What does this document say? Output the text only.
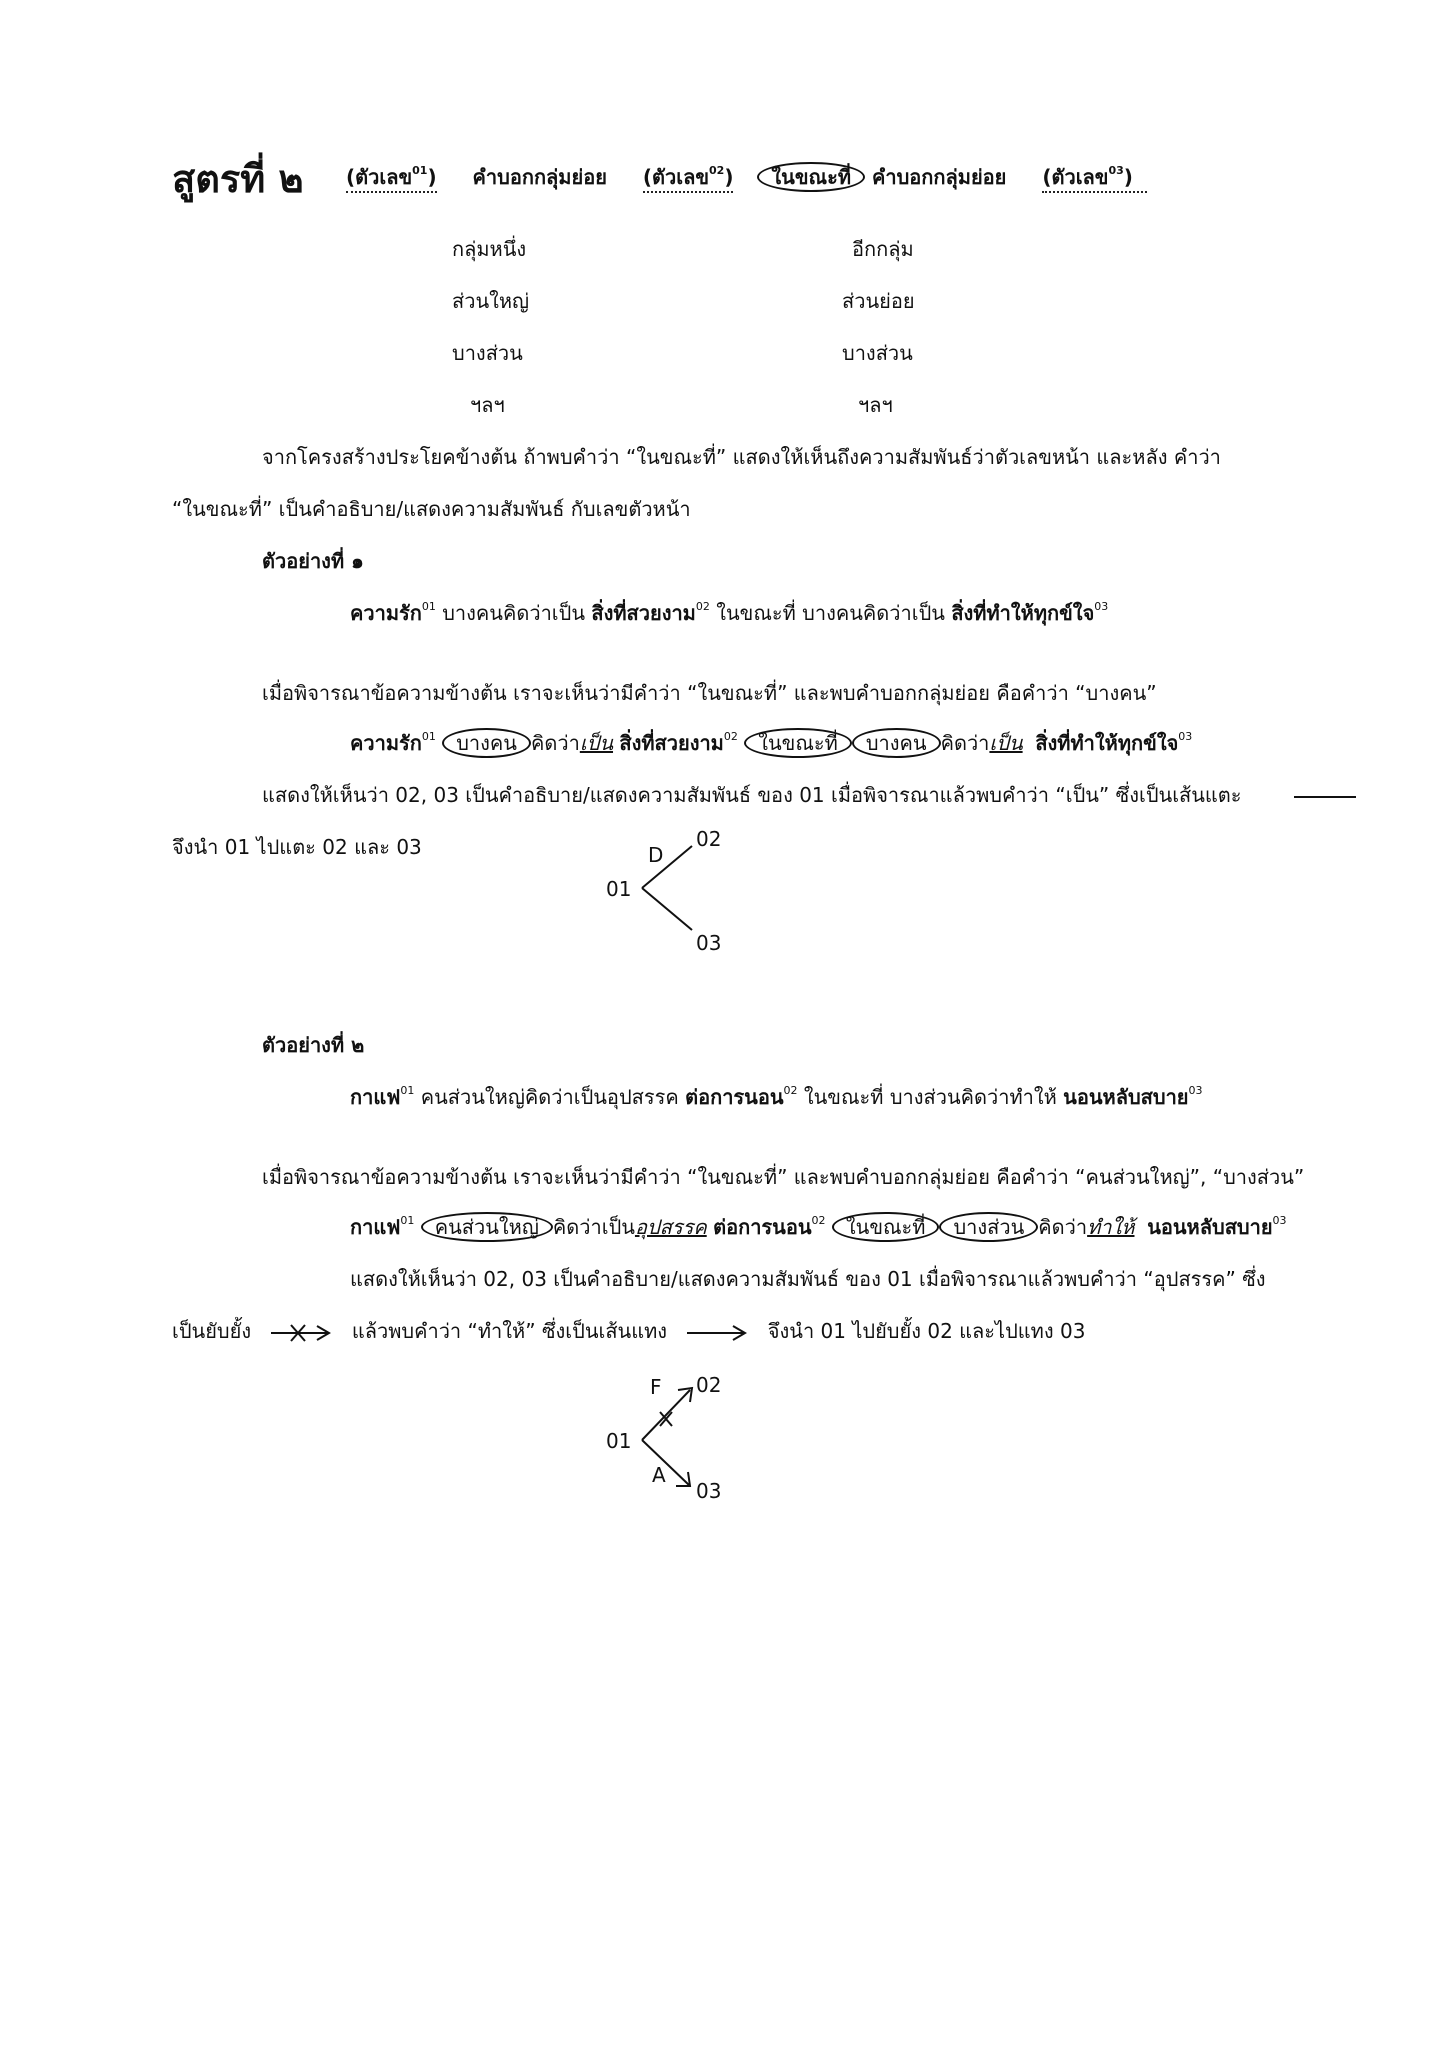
สูตรที่ ๒ (ตัวเลข$^{01}$) คำบอกกลุ่มย่อย (ตัวเลข$^{02}$) ในขณะที่ คำบอกกลุ่มย่อย (ตัวเลข$^{03}$)
กลุ่มหนึ่ง
ส่วนใหญ่
บางส่วน
ฯลฯ
อีกกลุ่ม
ส่วนย่อย
บางส่วน
ฯลฯ
จากโครงสร้างประโยคข้างต้น ถ้าพบคำว่า “ในขณะที่” แสดงให้เห็นถึงความสัมพันธ์ว่าตัวเลขหน้า และหลัง คำว่า
“ในขณะที่” เป็นคำอธิบาย/แสดงความสัมพันธ์ กับเลขตัวหน้า
ตัวอย่างที่ ๑
ความรัก$^{01}$ บางคนคิดว่าเป็น สิ่งที่สวยงาม$^{02}$ ในขณะที่ บางคนคิดว่าเป็น สิ่งที่ทำให้ทุกข์ใจ$^{03}$
เมื่อพิจารณาข้อความข้างต้น เราจะเห็นว่ามีคำว่า “ในขณะที่” และพบคำบอกกลุ่มย่อย คือคำว่า “บางคน”
ความรัก$^{01}$ บางคน คิดว่าเป็น สิ่งที่สวยงาม$^{02}$ ในขณะที่ บางคน คิดว่าเป็น สิ่งที่ทำให้ทุกข์ใจ$^{03}$
แสดงให้เห็นว่า 02, 03 เป็นคำอธิบาย/แสดงความสัมพันธ์ ของ 01 เมื่อพิจารณาแล้วพบคำว่า “เป็น” ซึ่งเป็นเส้นแตะ
จึงนำ 01 ไปแตะ 02 และ 03
01
02
03
D
ตัวอย่างที่ ๒
กาแฟ$^{01}$ คนส่วนใหญ่คิดว่าเป็นอุปสรรค ต่อการนอน$^{02}$ ในขณะที่ บางส่วนคิดว่าทำให้ นอนหลับสบาย$^{03}$
เมื่อพิจารณาข้อความข้างต้น เราจะเห็นว่ามีคำว่า “ในขณะที่” และพบคำบอกกลุ่มย่อย คือคำว่า “คนส่วนใหญ่”, “บางส่วน”
กาแฟ$^{01}$ คนส่วนใหญ่ คิดว่าเป็นอุปสรรค ต่อการนอน$^{02}$ ในขณะที่ บางส่วน คิดว่าทำให้ นอนหลับสบาย$^{03}$
แสดงให้เห็นว่า 02, 03 เป็นคำอธิบาย/แสดงความสัมพันธ์ ของ 01 เมื่อพิจารณาแล้วพบคำว่า “อุปสรรค” ซึ่ง
เป็นยับยั้ง	แล้วพบคำว่า “ทำให้” ซึ่งเป็นเส้นแทง	จึงนำ 01 ไปยับยั้ง 02 และไปแทง 03
01
02
03
F
A
